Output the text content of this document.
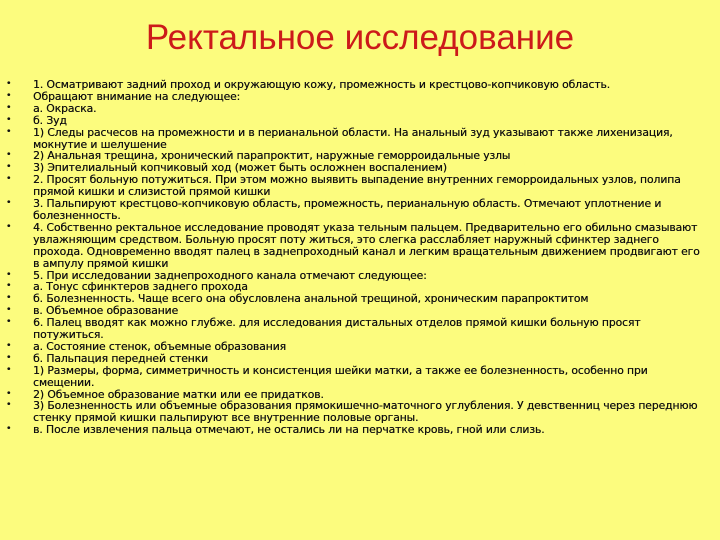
Ректальное исследование
• 1. Осматривают задний проход и окружающую кожу, промежность и крестцово-копчиковую область.
• Обращают внимание на следующее:
• а. Окраска.
• б. Зуд
• 1) Следы расчесов на промежности и в перианальной области. На анальный зуд указывают также лихенизация, мокнутие и шелушение
• 2) Анальная трещина, хронический парапроктит, наружные геморроидальные узлы
• 3) Эпителиальный копчиковый ход (может быть осложнен воспалением)
• 2. Просят больную потужиться. При этом можно выявить выпадение внутренних геморроидальных узлов, полипа прямой кишки и слизистой прямой кишки
• 3. Пальпируют крестцово-копчиковую область, промежность, перианальную область. Отмечают уплотнение и болезненность.
• 4. Собственно ректальное исследование проводят указа тельным пальцем. Предварительно его обильно смазывают увлажняющим средством. Больную просят поту житься, это слегка расслабляет наружный сфинктер заднего прохода. Одновременно вводят палец в заднепроходный канал и легким вращательным движением продвигают его в ампулу прямой кишки
• 5. При исследовании заднепроходного канала отмечают следующее:
• а. Тонус сфинктеров заднего прохода
• б. Болезненность. Чаще всего она обусловлена анальной трещиной, хроническим парапроктитом
• в. Объемное образование
• 6. Палец вводят как можно глубже. для исследования дистальных отделов прямой кишки больную просят потужиться.
• а. Состояние стенок, объемные образования
• б. Пальпация передней стенки
• 1) Размеры, форма, симметричность и консистенция шейки матки, а также ее болезненность, особенно при смещении.
• 2) Объемное образование матки или ее придатков.
• 3) Болезненность или объемные образования прямокишечно-маточного углубления. У девственниц через переднюю стенку прямой кишки пальпируют все внутренние половые органы.
• в. После извлечения пальца отмечают, не остались ли на перчатке кровь, гной или слизь.
